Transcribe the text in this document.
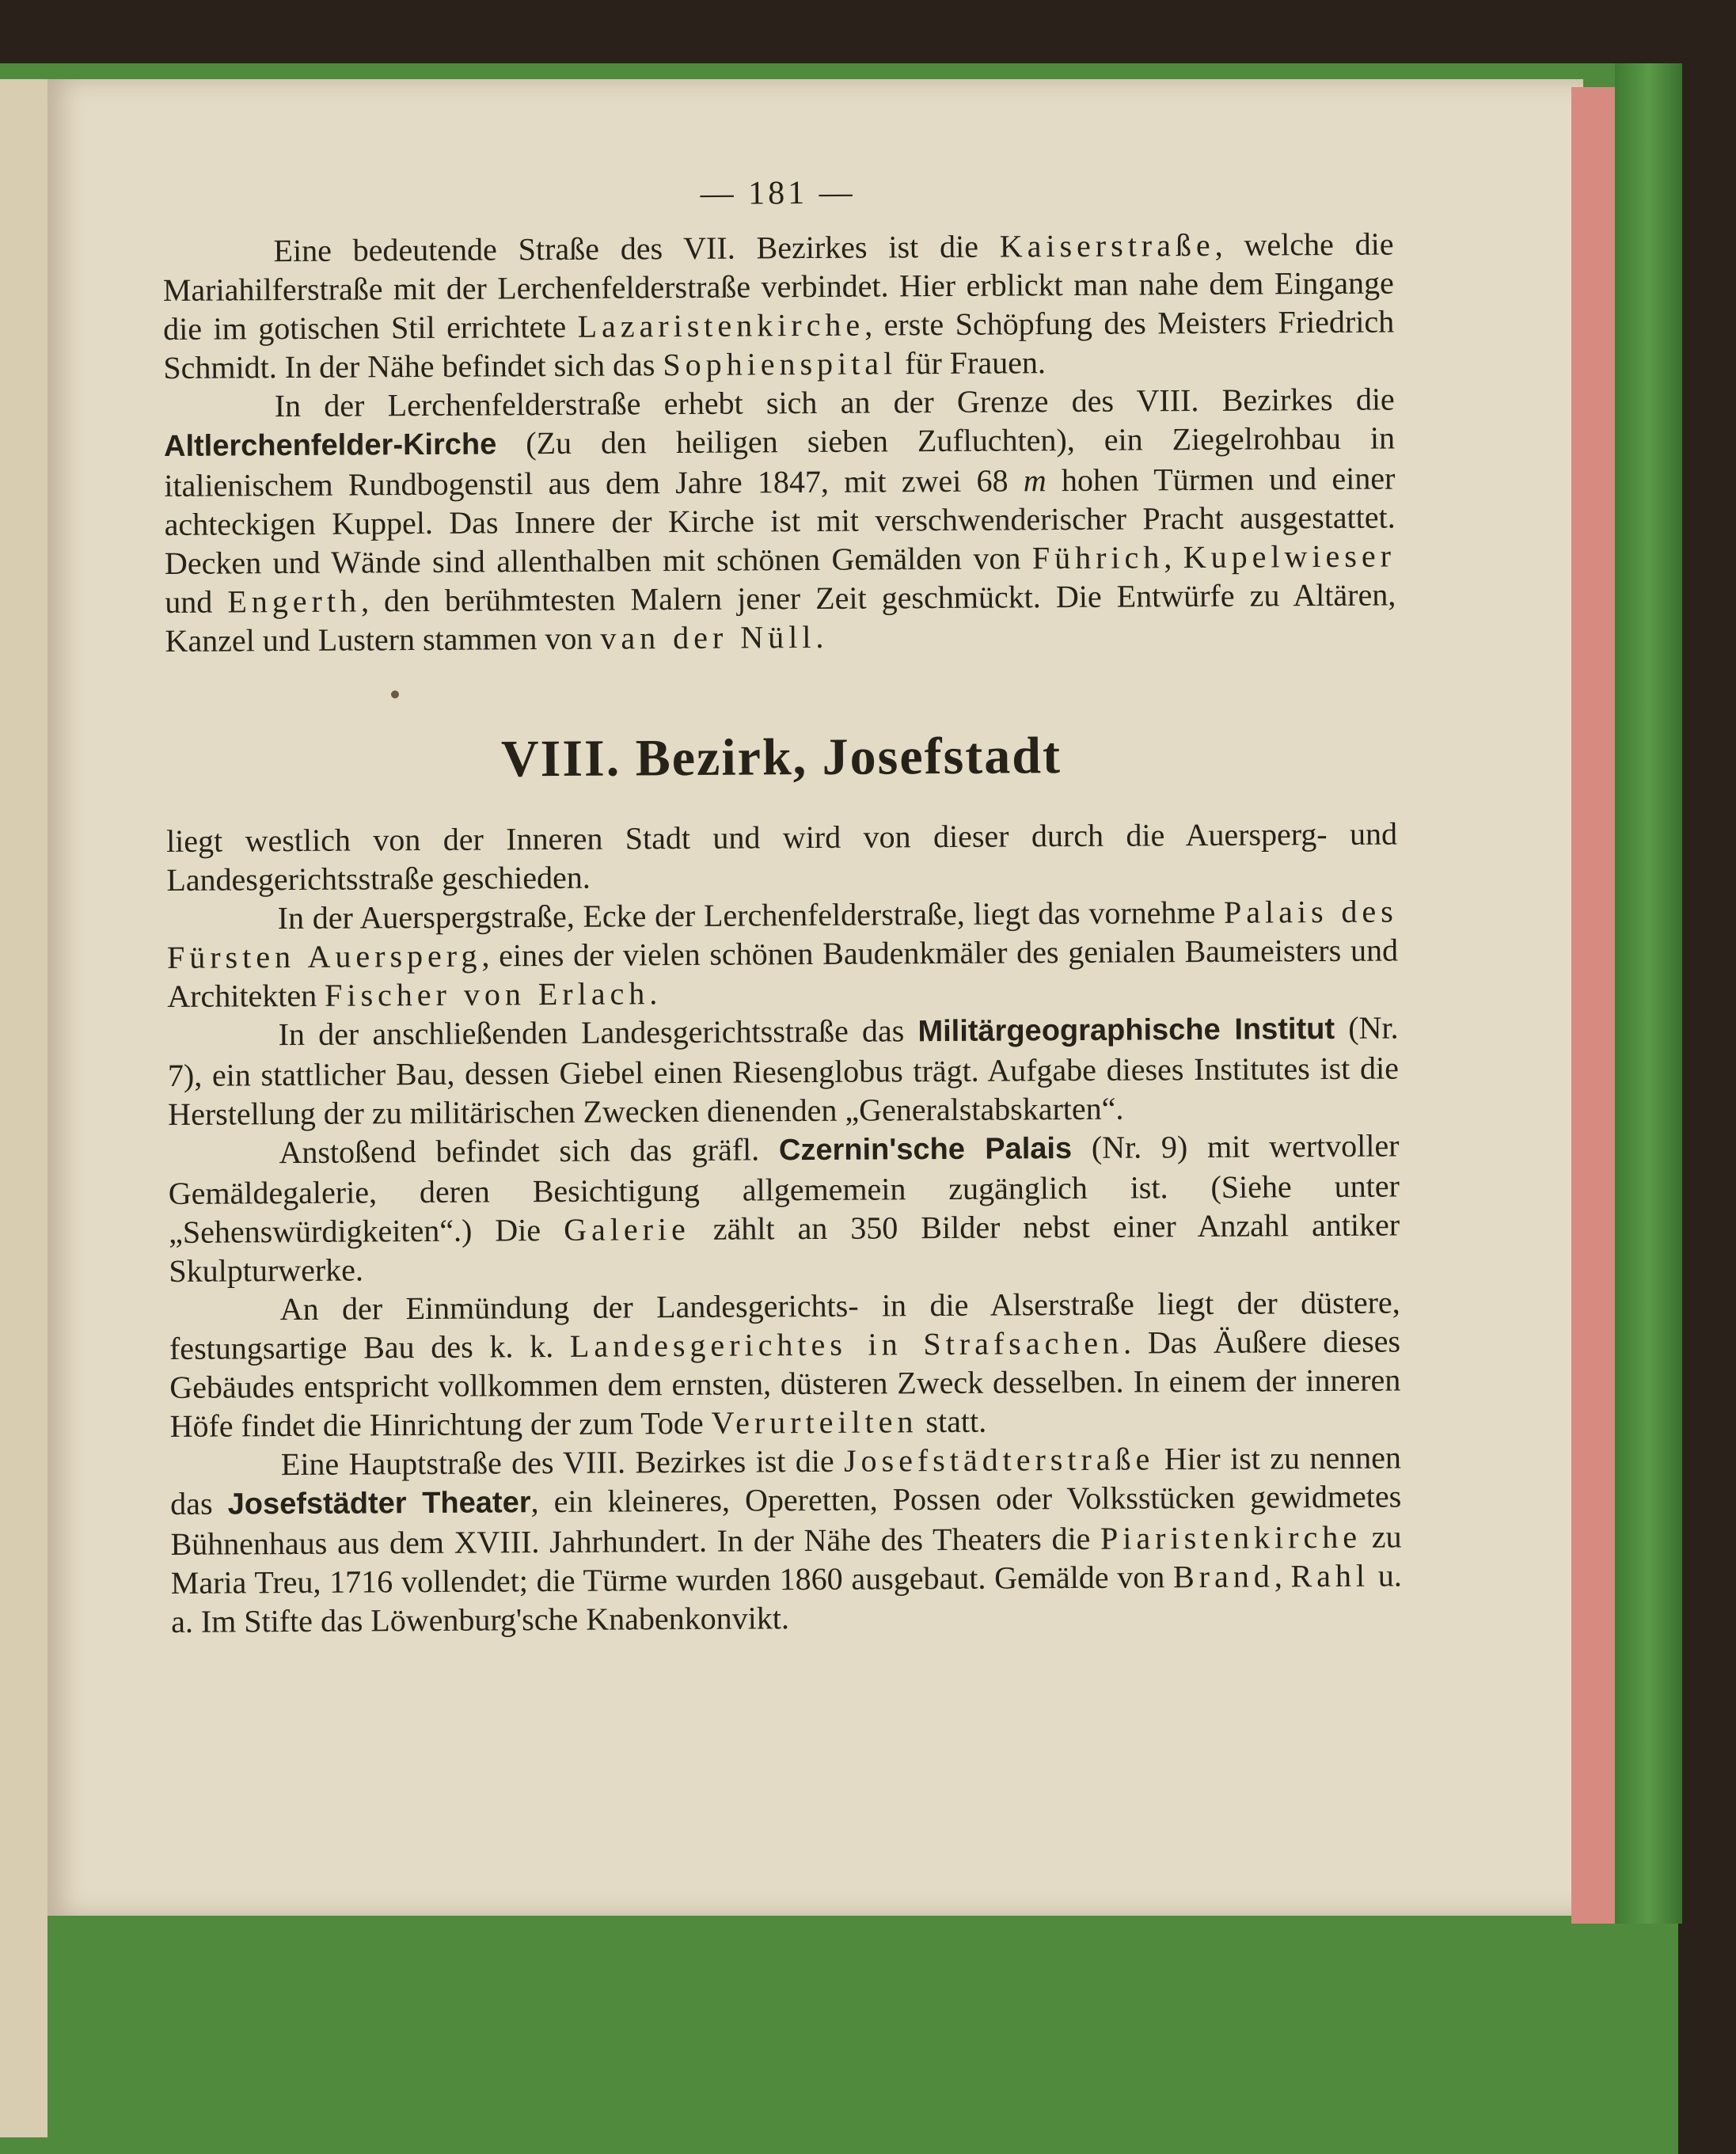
— 181 —

Eine bedeutende Straße des VII. Bezirkes ist die Kaiserstraße, welche die Mariahilferstraße mit der Lerchenfelderstraße verbindet. Hier erblickt man nahe dem Eingange die im gotischen Stil errichtete Lazaristenkirche, erste Schöpfung des Meisters Friedrich Schmidt. In der Nähe befindet sich das Sophienspital für Frauen.

In der Lerchenfelderstraße erhebt sich an der Grenze des VIII. Bezirkes die Altlerchenfelder-Kirche (Zu den heiligen sieben Zufluchten), ein Ziegelrohbau in italienischem Rundbogenstil aus dem Jahre 1847, mit zwei 68 m hohen Türmen und einer achteckigen Kuppel. Das Innere der Kirche ist mit verschwenderischer Pracht ausgestattet. Decken und Wände sind allenthalben mit schönen Gemälden von Führich, Kupelwieser und Engerth, den berühmtesten Malern jener Zeit geschmückt. Die Entwürfe zu Altären, Kanzel und Lustern stammen von van der Nüll.

VIII. Bezirk, Josefstadt

liegt westlich von der Inneren Stadt und wird von dieser durch die Auersperg- und Landesgerichtsstraße geschieden.

In der Auerspergstraße, Ecke der Lerchenfelderstraße, liegt das vornehme Palais des Fürsten Auersperg, eines der vielen schönen Baudenkmäler des genialen Baumeisters und Architekten Fischer von Erlach.

In der anschließenden Landesgerichtsstraße das Militärgeographische Institut (Nr. 7), ein stattlicher Bau, dessen Giebel einen Riesenglobus trägt. Aufgabe dieses Institutes ist die Herstellung der zu militärischen Zwecken dienenden „Generalstabskarten“.

Anstoßend befindet sich das gräfl. Czernin'sche Palais (Nr. 9) mit wertvoller Gemäldegalerie, deren Besichtigung allgememein zugänglich ist. (Siehe unter „Sehenswürdigkeiten“.) Die Galerie zählt an 350 Bilder nebst einer Anzahl antiker Skulpturwerke.

An der Einmündung der Landesgerichts- in die Alserstraße liegt der düstere, festungsartige Bau des k. k. Landesgerichtes in Strafsachen. Das Äußere dieses Gebäudes entspricht vollkommen dem ernsten, düsteren Zweck desselben. In einem der inneren Höfe findet die Hinrichtung der zum Tode Verurteilten statt.

Eine Hauptstraße des VIII. Bezirkes ist die Josefstädterstraße Hier ist zu nennen das Josefstädter Theater, ein kleineres, Operetten, Possen oder Volksstücken gewidmetes Bühnenhaus aus dem XVIII. Jahrhundert. In der Nähe des Theaters die Piaristenkirche zu Maria Treu, 1716 vollendet; die Türme wurden 1860 ausgebaut. Gemälde von Brand, Rahl u. a. Im Stifte das Löwenburg'sche Knabenkonvikt.
